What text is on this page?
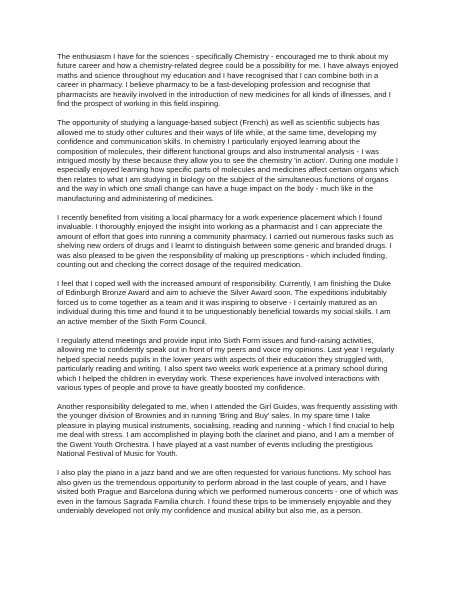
The enthusiasm I have for the sciences - specifically Chemistry - encouraged me to think about my
future career and how a chemistry-related degree could be a possibility for me. I have always enjoyed
maths and science throughout my education and I have recognised that I can combine both in a
career in pharmacy. I believe pharmacy to be a fast-developing profession and recognise that
pharmacists are heavily involved in the introduction of new medicines for all kinds of illnesses, and I
find the prospect of working in this field inspiring.

The opportunity of studying a language-based subject (French) as well as scientific subjects has
allowed me to study other cultures and their ways of life while, at the same time, developing my
confidence and communication skills. In chemistry I particularly enjoyed learning about the
composition of molecules, their different functional groups and also instrumental analysis - I was
intrigued mostly by these because they allow you to see the chemistry 'in action'. During one module I
especially enjoyed learning how specific parts of molecules and medicines affect certain organs which
then relates to what I am studying in biology on the subject of the simultaneous functions of organs
and the way in which one small change can have a huge impact on the body - much like in the
manufacturing and administering of medicines.

I recently benefited from visiting a local pharmacy for a work experience placement which I found
invaluable. I thoroughly enjoyed the insight into working as a pharmacist and I can appreciate the
amount of effort that goes into running a community pharmacy. I carried out numerous tasks such as
shelving new orders of drugs and I learnt to distinguish between some generic and branded drugs. I
was also pleased to be given the responsibility of making up prescriptions - which included finding,
counting out and checking the correct dosage of the required medication.

I feel that I coped well with the increased amount of responsibility. Currently, I am finishing the Duke
of Edinburgh Bronze Award and aim to achieve the Silver Award soon. The expeditions indubitably
forced us to come together as a team and it was inspiring to observe - I certainly matured as an
individual during this time and found it to be unquestionably beneficial towards my social skills. I am
an active member of the Sixth Form Council.

I regularly attend meetings and provide input into Sixth Form issues and fund-raising activities,
allowing me to confidently speak out in front of my peers and voice my opinions. Last year I regularly
helped special needs pupils in the lower years with aspects of their education they struggled with,
particularly reading and writing. I also spent two weeks work experience at a primary school during
which I helped the children in everyday work. These experiences have involved interactions with
various types of people and prove to have greatly boosted my confidence.

Another responsibility delegated to me, when I attended the Girl Guides, was frequently assisting with
the younger division of Brownies and in running 'Bring and Buy' sales. In my spare time I take
pleasure in playing musical instruments, socialising, reading and running - which I find crucial to help
me deal with stress. I am accomplished in playing both the clarinet and piano, and I am a member of
the Gwent Youth Orchestra. I have played at a vast number of events including the prestigious
National Festival of Music for Youth.

I also play the piano in a jazz band and we are often requested for various functions. My school has
also given us the tremendous opportunity to perform abroad in the last couple of years, and I have
visited both Prague and Barcelona during which we performed numerous concerts - one of which was
even in the famous Sagrada Familia church. I found these trips to be immensely enjoyable and they
undeniably developed not only my confidence and musical ability but also me, as a person.
